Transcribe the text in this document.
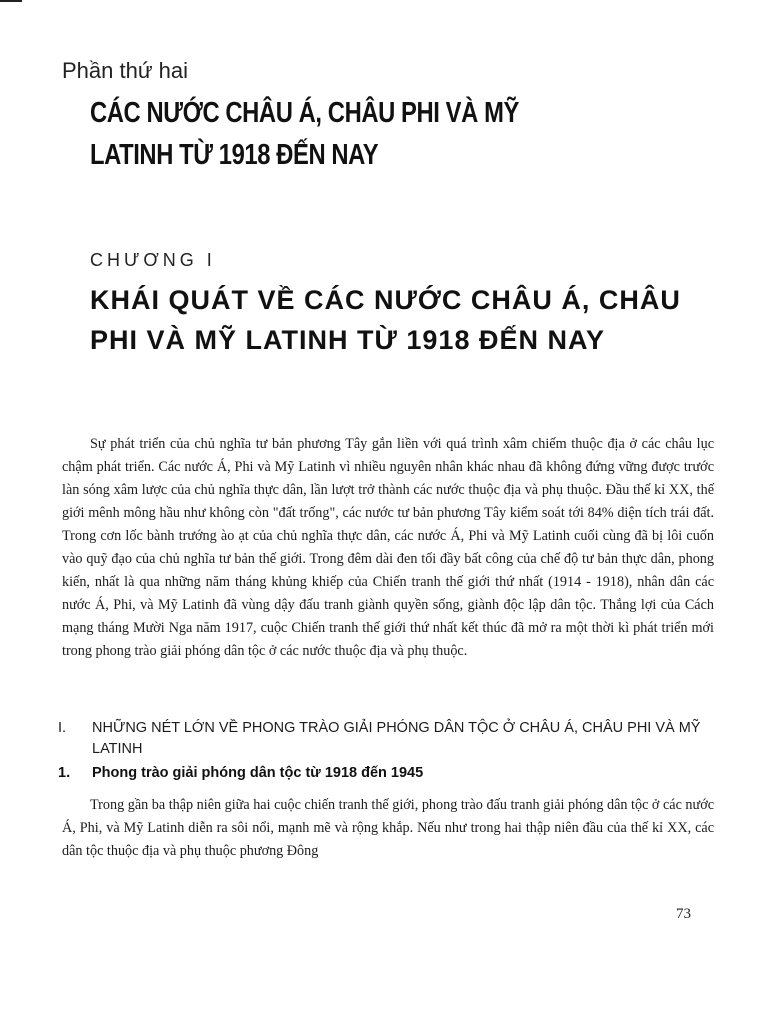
Phần thứ hai
CÁC NƯỚC CHÂU Á, CHÂU PHI VÀ MỸ LATINH TỪ 1918 ĐẾN NAY
CHƯƠNG I
KHÁI QUÁT VỀ CÁC NƯỚC CHÂU Á, CHÂU PHI VÀ MỸ LATINH TỪ 1918 ĐẾN NAY

Sự phát triển của chủ nghĩa tư bản phương Tây gắn liền với quá trình xâm chiếm thuộc địa ở các châu lục chậm phát triển. Các nước Á, Phi và Mỹ Latinh vì nhiều nguyên nhân khác nhau đã không đứng vững được trước làn sóng xâm lược của chủ nghĩa thực dân, lần lượt trở thành các nước thuộc địa và phụ thuộc. Đầu thế kỉ XX, thế giới mênh mông hầu như không còn "đất trống", các nước tư bản phương Tây kiểm soát tới 84% diện tích trái đất. Trong cơn lốc bành trướng ào ạt của chủ nghĩa thực dân, các nước Á, Phi và Mỹ Latinh cuối cùng đã bị lôi cuốn vào quỹ đạo của chủ nghĩa tư bản thế giới. Trong đêm dài đen tối đầy bất công của chế độ tư bản thực dân, phong kiến, nhất là qua những năm tháng khủng khiếp của Chiến tranh thế giới thứ nhất (1914 - 1918), nhân dân các nước Á, Phi, và Mỹ Latinh đã vùng dậy đấu tranh giành quyền sống, giành độc lập dân tộc. Thắng lợi của Cách mạng tháng Mười Nga năm 1917, cuộc Chiến tranh thế giới thứ nhất kết thúc đã mở ra một thời kì phát triển mới trong phong trào giải phóng dân tộc ở các nước thuộc địa và phụ thuộc.

I.	NHỮNG NÉT LỚN VỀ PHONG TRÀO GIẢI PHÓNG DÂN TỘC Ở CHÂU Á, CHÂU PHI VÀ MỸ LATINH
1.	Phong trào giải phóng dân tộc từ 1918 đến 1945

Trong gần ba thập niên giữa hai cuộc chiến tranh thế giới, phong trào đấu tranh giải phóng dân tộc ở các nước Á, Phi, và Mỹ Latinh diễn ra sôi nổi, mạnh mẽ và rộng khắp. Nếu như trong hai thập niên đầu của thế kỉ XX, các dân tộc thuộc địa và phụ thuộc phương Đông

73
